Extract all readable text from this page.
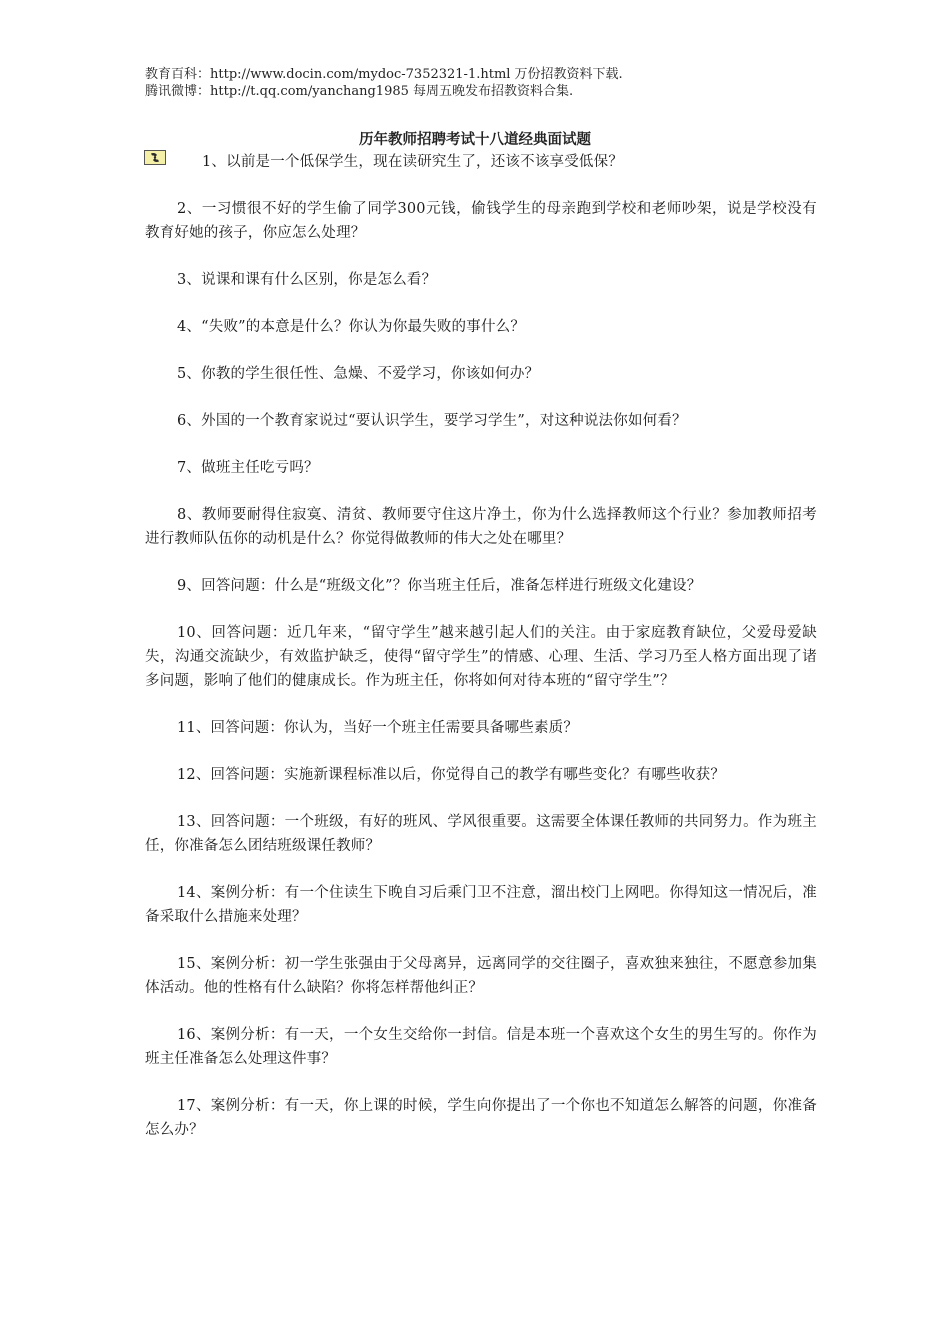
教育百科：http://www.docin.com/mydoc-7352321-1.html 万份招教资料下载.
腾讯微博：http://t.qq.com/yanchang1985 每周五晚发布招教资料合集.
历年教师招聘考试十八道经典面试题

1、以前是一个低保学生，现在读研究生了，还该不该享受低保？

2、一习惯很不好的学生偷了同学300元钱，偷钱学生的母亲跑到学校和老师吵架，说是学校没有教育好她的孩子，你应怎么处理？

3、说课和课有什么区别，你是怎么看？

4、“失败”的本意是什么？你认为你最失败的事什么？

5、你教的学生很任性、急燥、不爱学习，你该如何办？

6、外国的一个教育家说过“要认识学生，要学习学生”，对这种说法你如何看？

7、做班主任吃亏吗？

8、教师要耐得住寂寞、清贫、教师要守住这片净土，你为什么选择教师这个行业？参加教师招考进行教师队伍你的动机是什么？你觉得做教师的伟大之处在哪里？

9、回答问题：什么是“班级文化”？你当班主任后，准备怎样进行班级文化建设？

10、回答问题：近几年来，“留守学生”越来越引起人们的关注。由于家庭教育缺位，父爱母爱缺失，沟通交流缺少，有效监护缺乏，使得“留守学生”的情感、心理、生活、学习乃至人格方面出现了诸多问题，影响了他们的健康成长。作为班主任，你将如何对待本班的“留守学生”？

11、回答问题：你认为，当好一个班主任需要具备哪些素质？

12、回答问题：实施新课程标准以后，你觉得自己的教学有哪些变化？有哪些收获？

13、回答问题：一个班级，有好的班风、学风很重要。这需要全体课任教师的共同努力。作为班主任，你准备怎么团结班级课任教师？

14、案例分析：有一个住读生下晚自习后乘门卫不注意，溜出校门上网吧。你得知这一情况后，准备采取什么措施来处理？

15、案例分析：初一学生张强由于父母离异，远离同学的交往圈子，喜欢独来独往，不愿意参加集体活动。他的性格有什么缺陷？你将怎样帮他纠正？

16、案例分析：有一天，一个女生交给你一封信。信是本班一个喜欢这个女生的男生写的。你作为班主任准备怎么处理这件事？

17、案例分析：有一天，你上课的时候，学生向你提出了一个你也不知道怎么解答的问题，你准备怎么办？
